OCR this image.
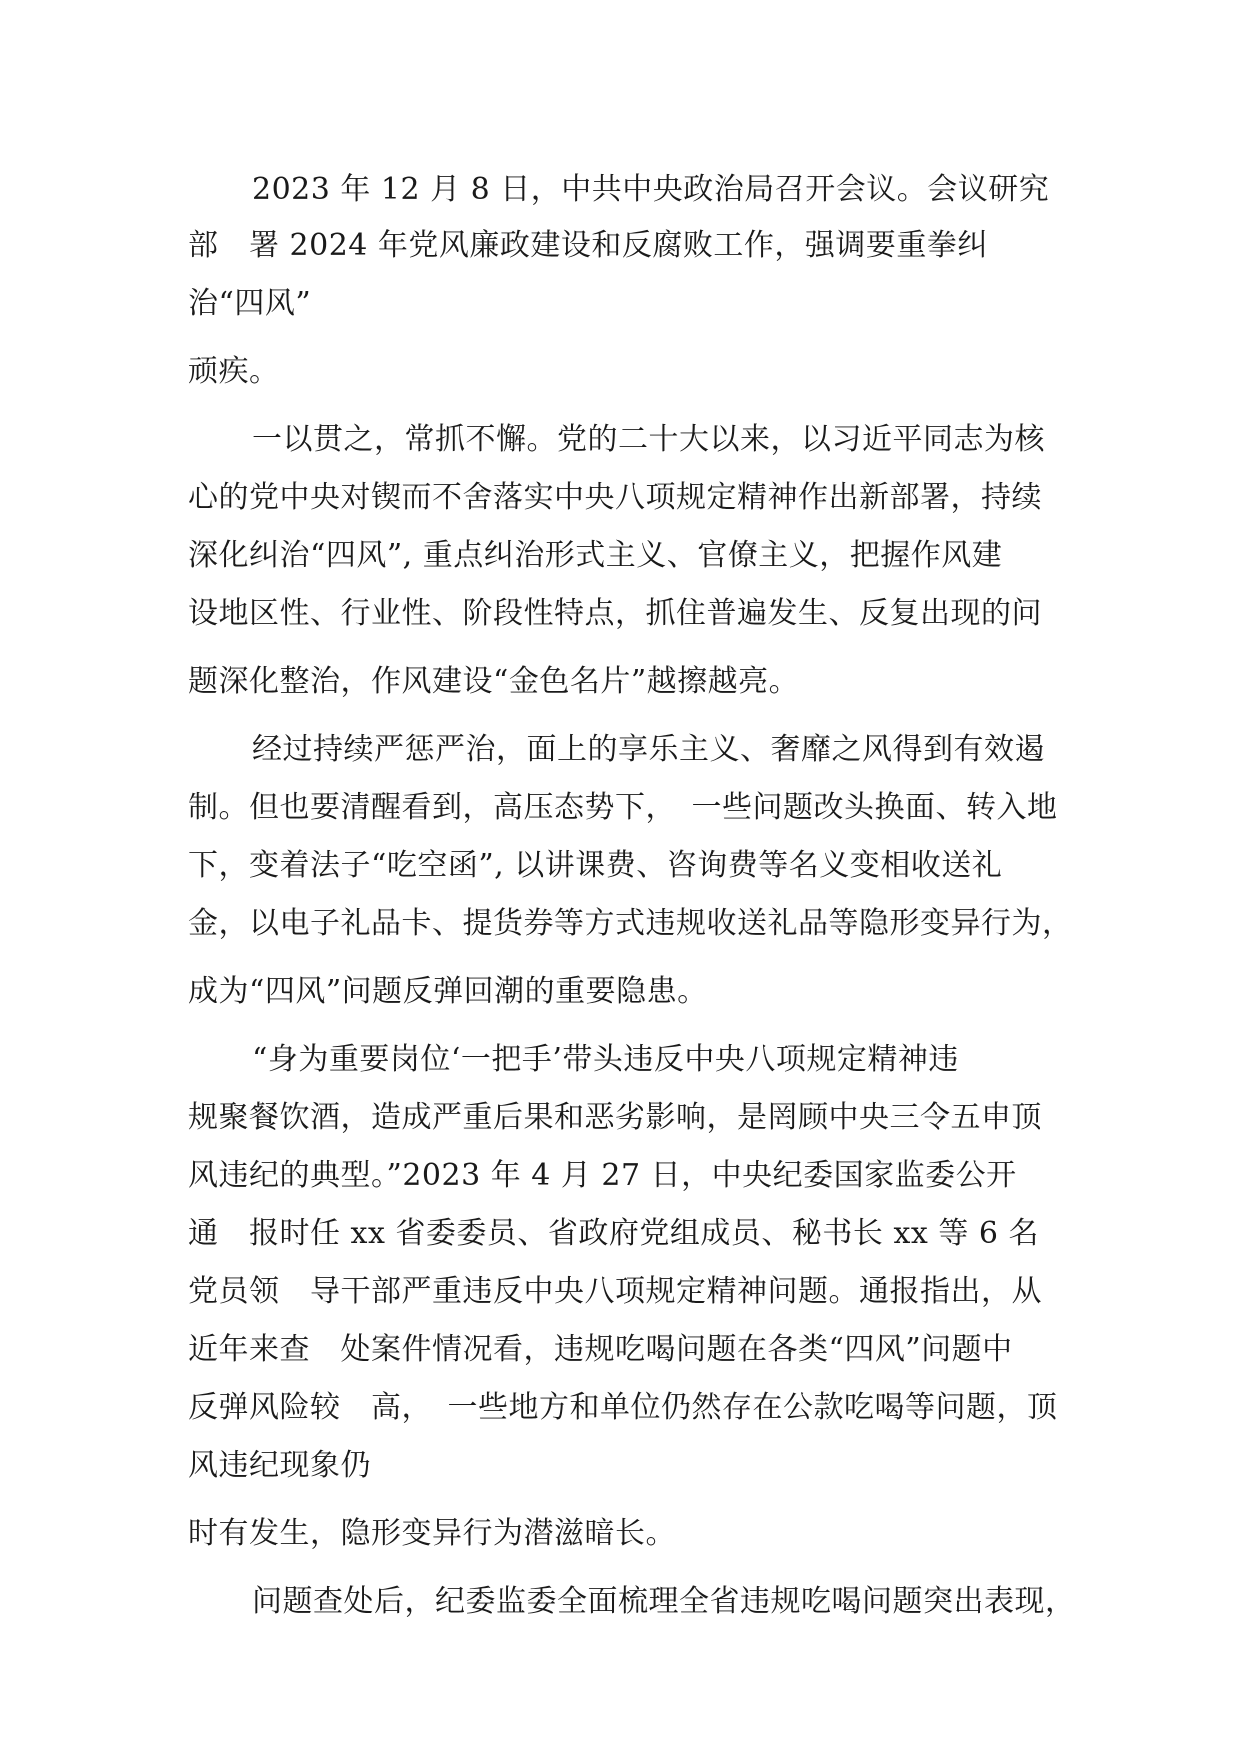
2023 年 12 月 8 日，中共中央政治局召开会议。会议研究

部　署 2024 年党风廉政建设和反腐败工作，强调要重拳纠

治“四风”

顽疾。

一以贯之，常抓不懈。党的二十大以来，以习近平同志为核

心的党中央对锲而不舍落实中央八项规定精神作出新部署，持续

深化纠治“四风”, 重点纠治形式主义、官僚主义，把握作风建

设地区性、行业性、阶段性特点，抓住普遍发生、反复出现的问

题深化整治，作风建设“金色名片”越擦越亮。

经过持续严惩严治，面上的享乐主义、奢靡之风得到有效遏

制。但也要清醒看到，高压态势下，　一些问题改头换面、转入地

下，变着法子“吃空函”, 以讲课费、咨询费等名义变相收送礼

金，以电子礼品卡、提货券等方式违规收送礼品等隐形变异行为，

成为“四风”问题反弹回潮的重要隐患。

“身为重要岗位‘一把手’带头违反中央八项规定精神违

规聚餐饮酒，造成严重后果和恶劣影响，是罔顾中央三令五申顶

风违纪的典型。”2023 年 4 月 27 日，中央纪委国家监委公开

通　报时任 xx 省委委员、省政府党组成员、秘书长 xx 等 6 名

党员领　导干部严重违反中央八项规定精神问题。通报指出，从

近年来查　处案件情况看，违规吃喝问题在各类“四风”问题中

反弹风险较　高，　一些地方和单位仍然存在公款吃喝等问题，顶

风违纪现象仍

时有发生，隐形变异行为潜滋暗长。

问题查处后，纪委监委全面梳理全省违规吃喝问题突出表现，
